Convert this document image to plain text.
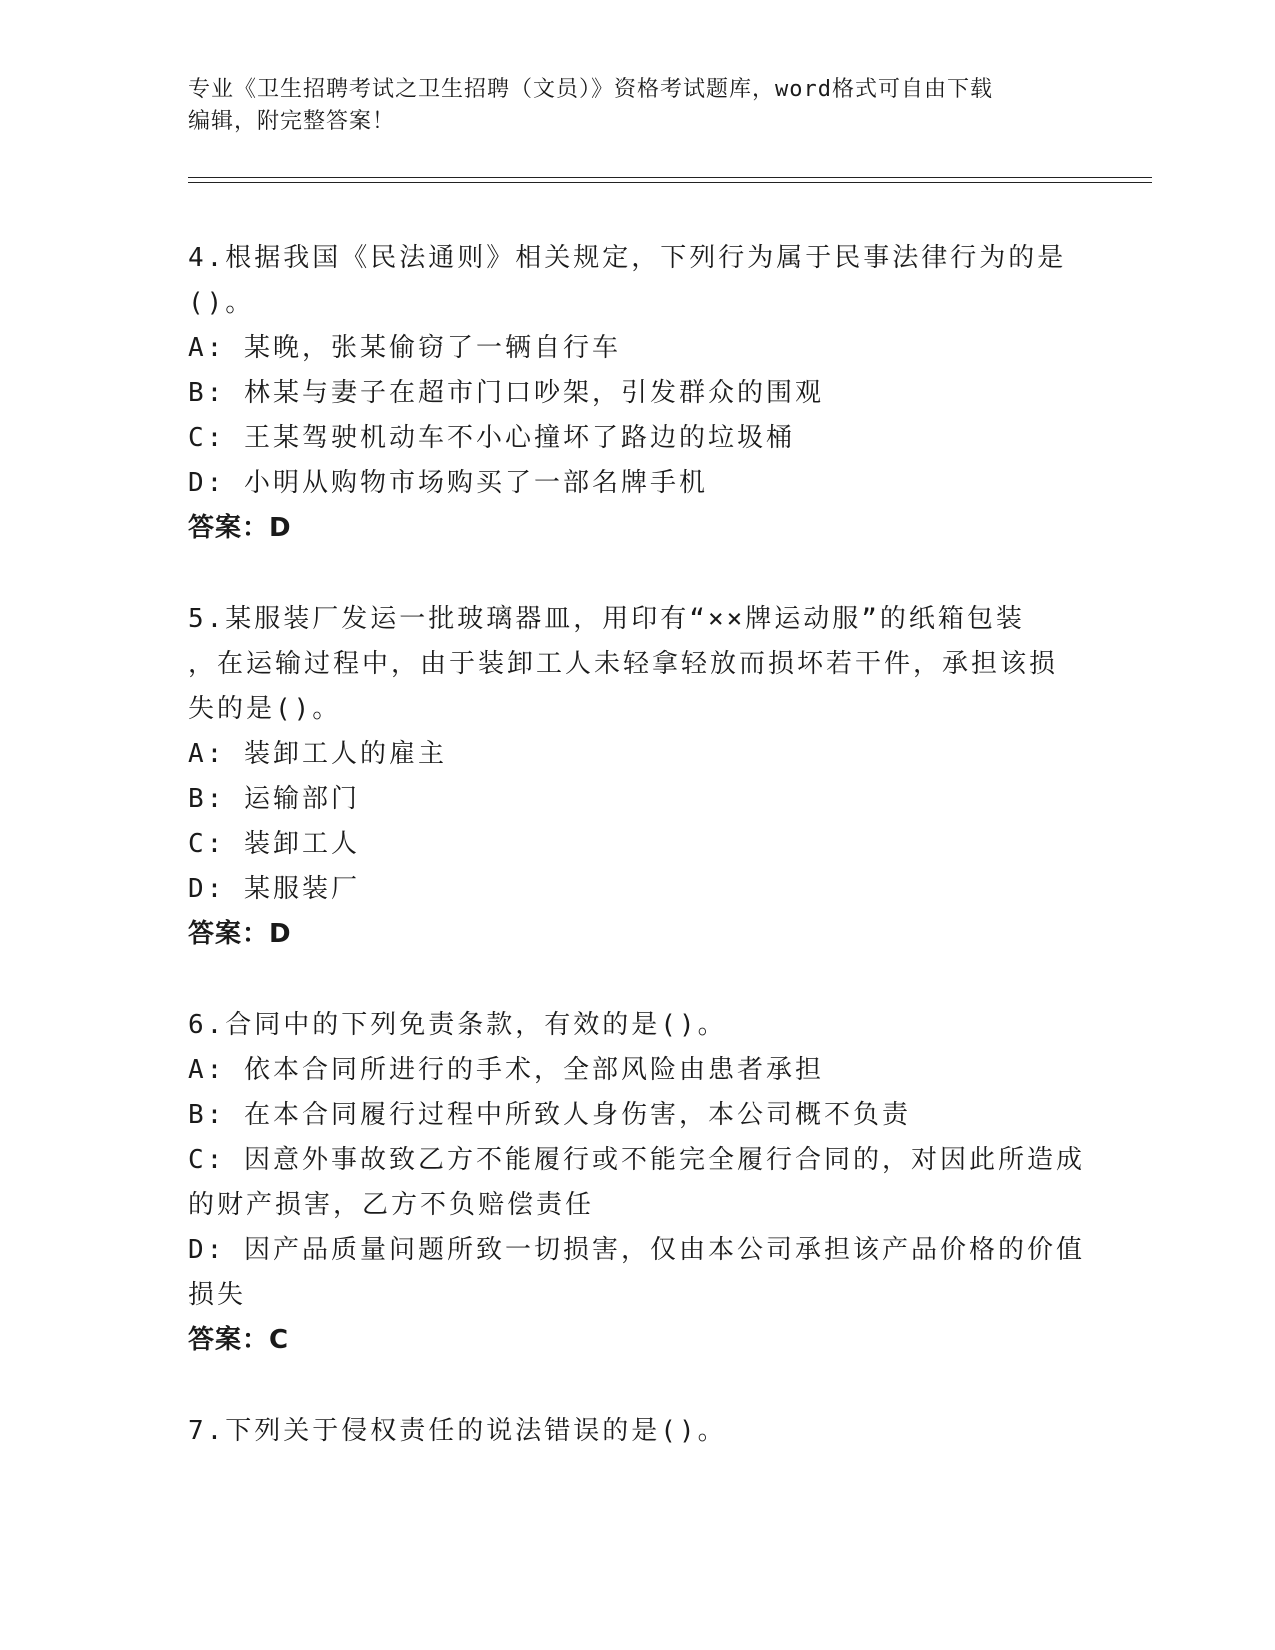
专业《卫生招聘考试之卫生招聘（文员）》资格考试题库，word格式可自由下载
编辑，附完整答案！
4.根据我国《民法通则》相关规定，下列行为属于民事法律行为的是
()。
A: 某晚，张某偷窃了一辆自行车
B: 林某与妻子在超市门口吵架，引发群众的围观
C: 王某驾驶机动车不小心撞坏了路边的垃圾桶
D: 小明从购物市场购买了一部名牌手机
答案：D
5.某服装厂发运一批玻璃器皿，用印有“××牌运动服”的纸箱包装
，在运输过程中，由于装卸工人未轻拿轻放而损坏若干件，承担该损
失的是()。
A: 装卸工人的雇主
B: 运输部门
C: 装卸工人
D: 某服装厂
答案：D
6.合同中的下列免责条款，有效的是()。
A: 依本合同所进行的手术，全部风险由患者承担
B: 在本合同履行过程中所致人身伤害，本公司概不负责
C: 因意外事故致乙方不能履行或不能完全履行合同的，对因此所造成
的财产损害，乙方不负赔偿责任
D: 因产品质量问题所致一切损害，仅由本公司承担该产品价格的价值
损失
答案：C
7.下列关于侵权责任的说法错误的是()。
